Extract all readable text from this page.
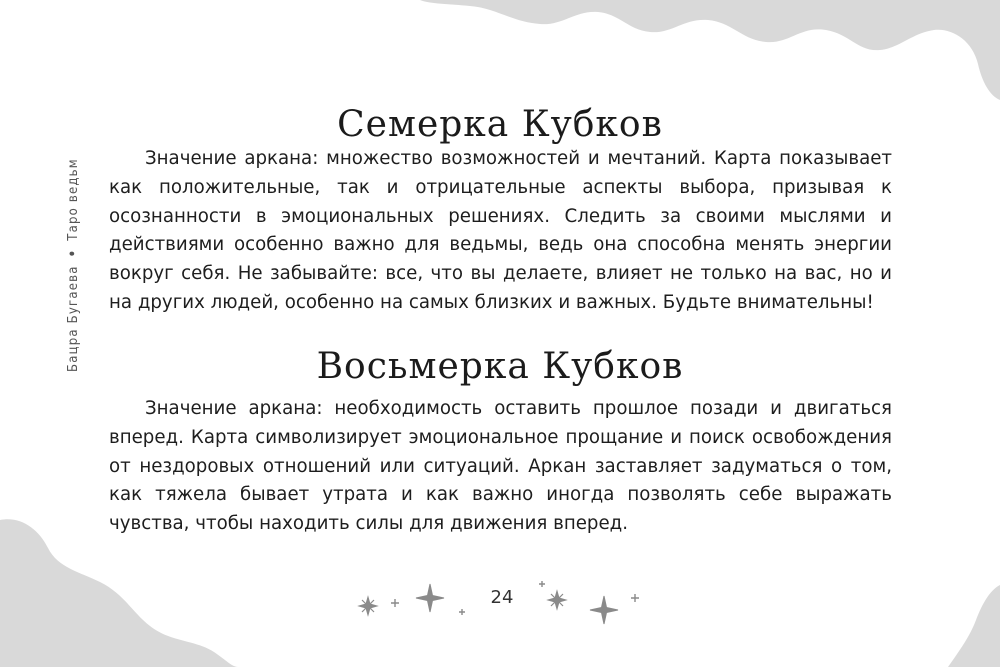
Бацра Бугаева•Таро ведьм
Семерка Кубков

Значение аркана: множество возможностей и мечтаний. Карта показывает как положительные, так и отрицательные аспекты выбора, призывая к осознанности в эмоциональных решениях. Следить за своими мыслями и действиями особенно важно для ведьмы, ведь она способна менять энергии вокруг себя. Не забывайте: все, что вы делаете, влияет не только на вас, но и на других людей, особенно на самых близких и важных. Будьте внимательны!

Восьмерка Кубков

Значение аркана: необходимость оставить прошлое позади и двигаться вперед. Карта символизирует эмоциональное прощание и поиск освобождения от нездоровых отношений или ситуаций. Аркан заставляет задуматься о том, как тяжела бывает утрата и как важно иногда позволять себе выражать чувства, чтобы находить силы для движения вперед.

24
